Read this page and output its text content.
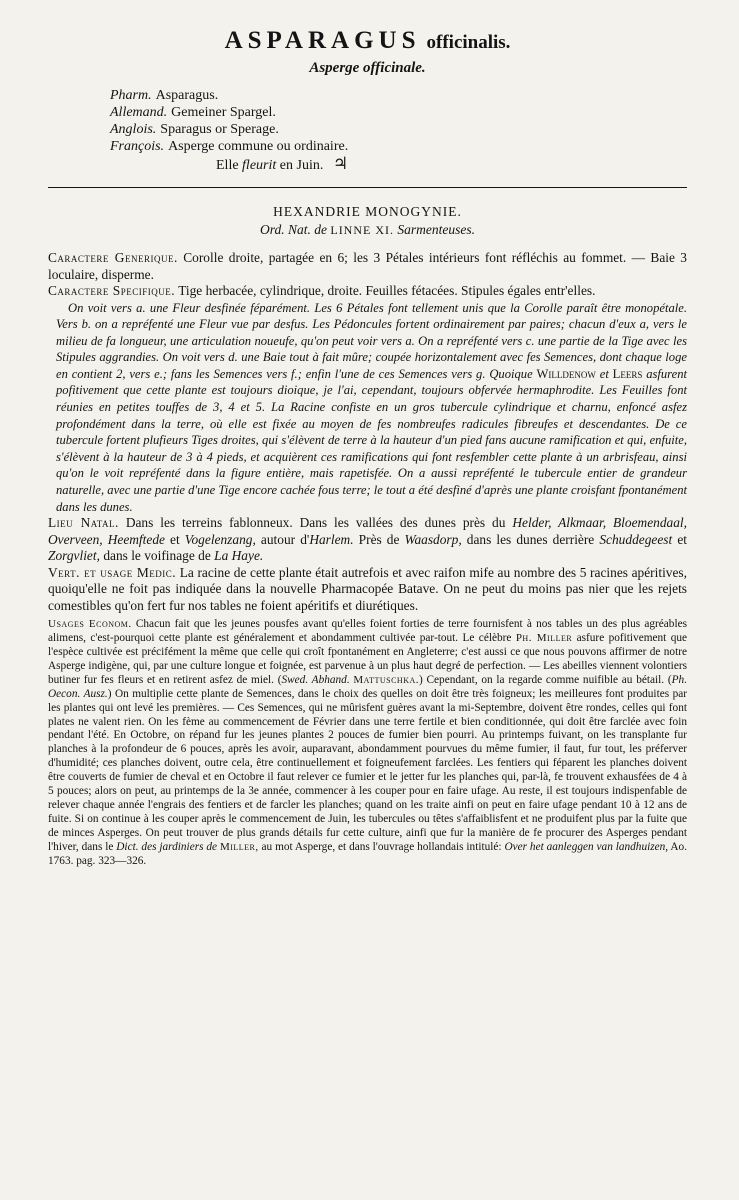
ASPARAGUS officinalis.
Asperge officinale.
Pharm. Asparagus.
Allemand. Gemeiner Spargel.
Anglois. Sparagus or Sperage.
François. Asperge commune ou ordinaire.
Elle fleurit en Juin. ♃
HEXANDRIE MONOGYNIE.
Ord. Nat. de LINNE XI. Sarmenteuses.

Caractere Generique. Corolle droite, partagée en 6; les 3 Pétales intérieurs font réfléchis au fommet. — Baie 3 loculaire, disperme.

Caractere Specifique. Tige herbacée, cylindrique, droite. Feuilles fétacées. Stipules égales entr'elles.

On voit vers a. une Fleur desfinée féparément. Les 6 Pétales font tellement unis que la Corolle paraît être monopétale. Vers b. on a repréfenté une Fleur vue par desfus. Les Pédoncules fortent ordinairement par paires; chacun d'eux a, vers le milieu de fa longueur, une articulation noueufe, qu'on peut voir vers a. On a repréfenté vers c. une partie de la Tige avec les Stipules aggrandies. On voit vers d. une Baie tout à fait mûre; coupée horizontalement avec fes Semences, dont chaque loge en contient 2, vers e.; fans les Semences vers f.; enfin l'une de ces Semences vers g. Quoique Willdenow et Leers asfurent pofitivement que cette plante est toujours dioique, je l'ai, cependant, toujours obfervée hermaphrodite. Les Feuilles font réunies en petites touffes de 3, 4 et 5. La Racine confiste en un gros tubercule cylindrique et charnu, enfoncé asfez profondément dans la terre, où elle est fixée au moyen de fes nombreufes radicules fibreufes et descendantes. De ce tubercule fortent plufieurs Tiges droites, qui s'élèvent de terre à la hauteur d'un pied fans aucune ramification et qui, enfuite, s'élèvent à la hauteur de 3 à 4 pieds, et acquièrent ces ramifications qui font resfembler cette plante à un arbrisfeau, ainsi qu'on le voit repréfenté dans la figure entière, mais rapetisfée. On a aussi repréfenté le tubercule entier de grandeur naturelle, avec une partie d'une Tige encore cachée fous terre; le tout a été desfiné d'après une plante croisfant fpontanément dans les dunes.

Lieu Natal. Dans les terreins fablonneux. Dans les vallées des dunes près du Helder, Alkmaar, Bloemendaal, Overveen, Heemftede et Vogelenzang, autour d'Harlem. Près de Waasdorp, dans les dunes derrière Schuddegeest et Zorgvliet, dans le voifinage de La Haye.

Vert. et usage Medic. La racine de cette plante était autrefois et avec raifon mife au nombre des 5 racines apéritives, quoiqu'elle ne foit pas indiquée dans la nouvelle Pharmacopée Batave. On ne peut du moins pas nier que les rejets comestibles qu'on fert fur nos tables ne foient apéritifs et diurétiques.

Usages Econom. Chacun fait que les jeunes pousfes avant qu'elles foient forties de terre fournisfent à nos tables un des plus agréables alimens, c'est-pourquoi cette plante est généralement et abondamment cultivée par-tout. Le célèbre Ph. Miller asfure pofitivement que l'espèce cultivée est précifément la même que celle qui croît fpontanément en Angleterre; c'est aussi ce que nous pouvons affirmer de notre Asperge indigène, qui, par une culture longue et foignée, est parvenue à un plus haut degré de perfection. — Les abeilles viennent volontiers butiner fur fes fleurs et en retirent asfez de miel. (Swed. Abhand. Mattuschka.) Cependant, on la regarde comme nuifible au bétail. (Ph. Oecon. Ausz.) On multiplie cette plante de Semences, dans le choix des quelles on doit être très foigneux; les meilleures font produites par les plantes qui ont levé les premières. — Ces Semences, qui ne mûrisfent guères avant la mi-Septembre, doivent être rondes, celles qui font plates ne valent rien. On les fème au commencement de Février dans une terre fertile et bien conditionnée, qui doit être farclée avec foin pendant l'été. En Octobre, on répand fur les jeunes plantes 2 pouces de fumier bien pourri. Au printemps fuivant, on les transplante fur planches à la profondeur de 6 pouces, après les avoir, auparavant, abondamment pourvues du même fumier, il faut, fur tout, les préferver d'humidité; ces planches doivent, outre cela, être continuellement et foigneufement farclées. Les fentiers qui féparent les planches doivent être couverts de fumier de cheval et en Octobre il faut relever ce fumier et le jetter fur les planches qui, par-là, fe trouvent exhausfées de 4 à 5 pouces; alors on peut, au printemps de la 3e année, commencer à les couper pour en faire ufage. Au reste, il est toujours indispenfable de relever chaque année l'engrais des fentiers et de farcler les planches; quand on les traite ainfi on peut en faire ufage pendant 10 à 12 ans de fuite. Si on continue à les couper après le commencement de Juin, les tubercules ou têtes s'affaiblisfent et ne produifent plus par la fuite que de minces Asperges. On peut trouver de plus grands détails fur cette culture, ainfi que fur la manière de fe procurer des Asperges pendant l'hiver, dans le Dict. des jardiniers de Miller, au mot Asperge, et dans l'ouvrage hollandais intitulé: Over het aanleggen van landhuizen, Ao. 1763. pag. 323—326.
